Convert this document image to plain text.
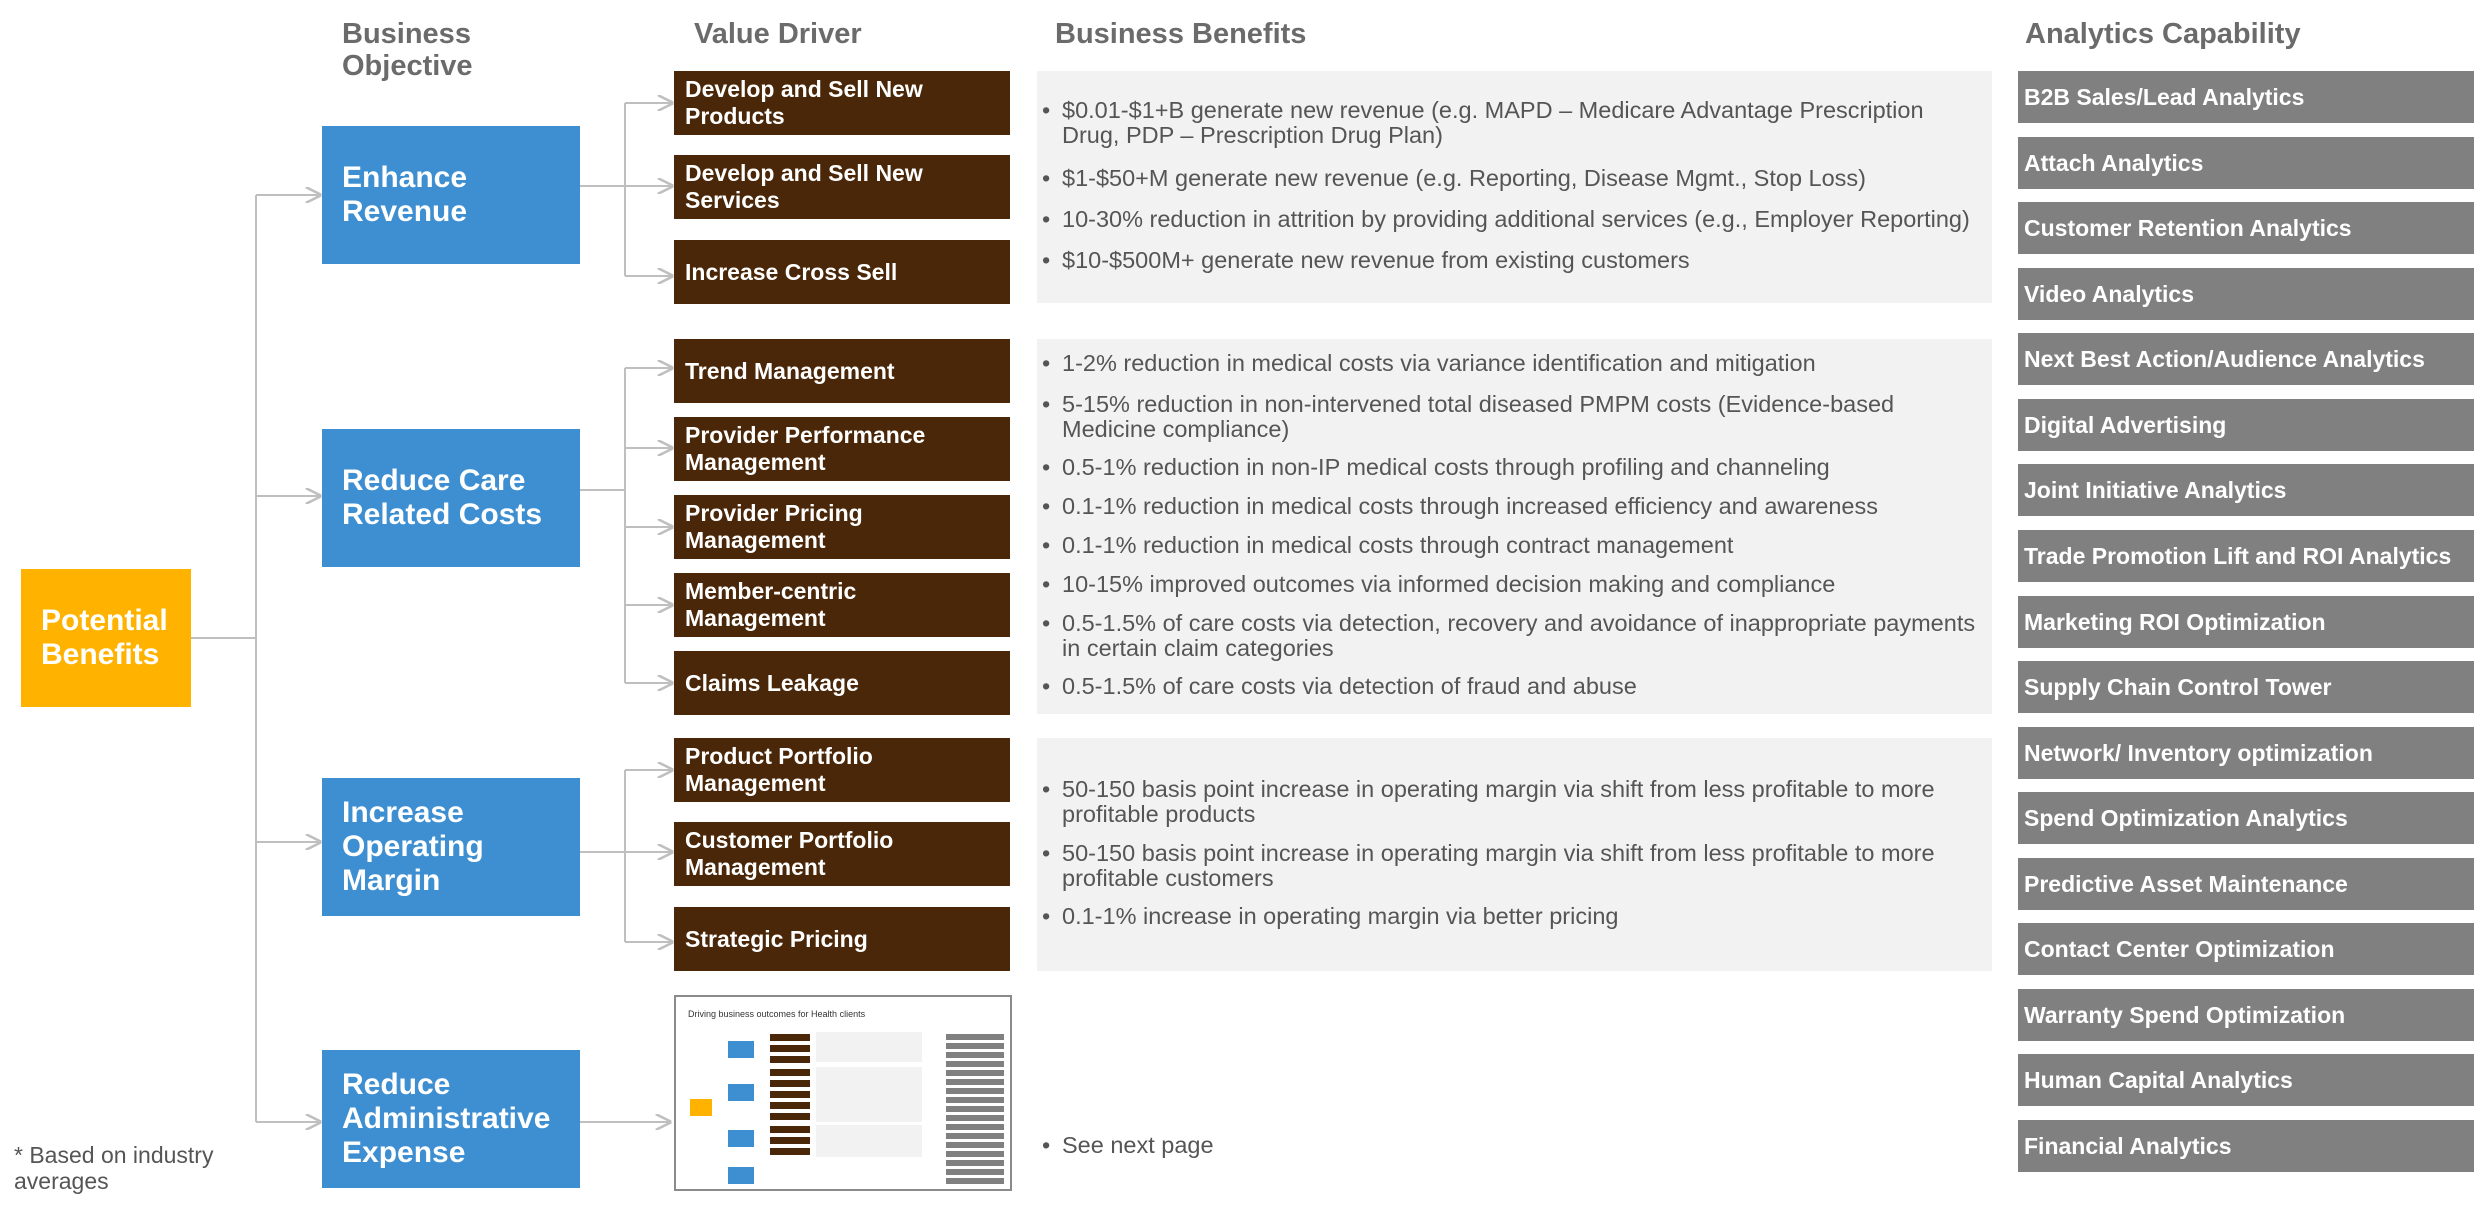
Business
Objective
Value Driver	Business Benefits	Analytics Capability
Potential
Benefits
Enhance
Revenue
Reduce Care
Related Costs
Increase
Operating
Margin
Reduce
Administrative
Expense
Develop and Sell New Products
Develop and Sell New Services
Increase Cross Sell
Trend Management
Provider Performance Management
Provider Pricing Management
Member-centric Management
Claims Leakage
Product Portfolio Management
Customer Portfolio Management
Strategic Pricing
• $0.01-$1+B generate new revenue (e.g. MAPD – Medicare Advantage Prescription Drug, PDP – Prescription Drug Plan)
• $1-$50+M generate new revenue (e.g. Reporting, Disease Mgmt., Stop Loss)
• 10-30% reduction in attrition by providing additional services (e.g., Employer Reporting)
• $10-$500M+ generate new revenue from existing customers
• 1-2% reduction in medical costs via variance identification and mitigation
• 5-15% reduction in non-intervened total diseased PMPM costs (Evidence-based Medicine compliance)
• 0.5-1% reduction in non-IP medical costs through profiling and channeling
• 0.1-1% reduction in medical costs through increased efficiency and awareness
• 0.1-1% reduction in medical costs through contract management
• 10-15% improved outcomes via informed decision making and compliance
• 0.5-1.5% of care costs via detection, recovery and avoidance of inappropriate payments in certain claim categories
• 0.5-1.5% of care costs via detection of fraud and abuse
• 50-150 basis point increase in operating margin via shift from less profitable to more profitable products
• 50-150 basis point increase in operating margin via shift from less profitable to more profitable customers
• 0.1-1% increase in operating margin via better pricing
Driving business outcomes for Health clients
• See next page
* Based on industry averages
B2B Sales/Lead Analytics
Attach Analytics
Customer Retention Analytics
Video Analytics
Next Best Action/Audience Analytics
Digital Advertising
Joint Initiative Analytics
Trade Promotion Lift and ROI Analytics
Marketing ROI Optimization
Supply Chain Control Tower
Network/ Inventory optimization
Spend Optimization Analytics
Predictive Asset Maintenance
Contact Center Optimization
Warranty Spend Optimization
Human Capital Analytics
Financial Analytics
